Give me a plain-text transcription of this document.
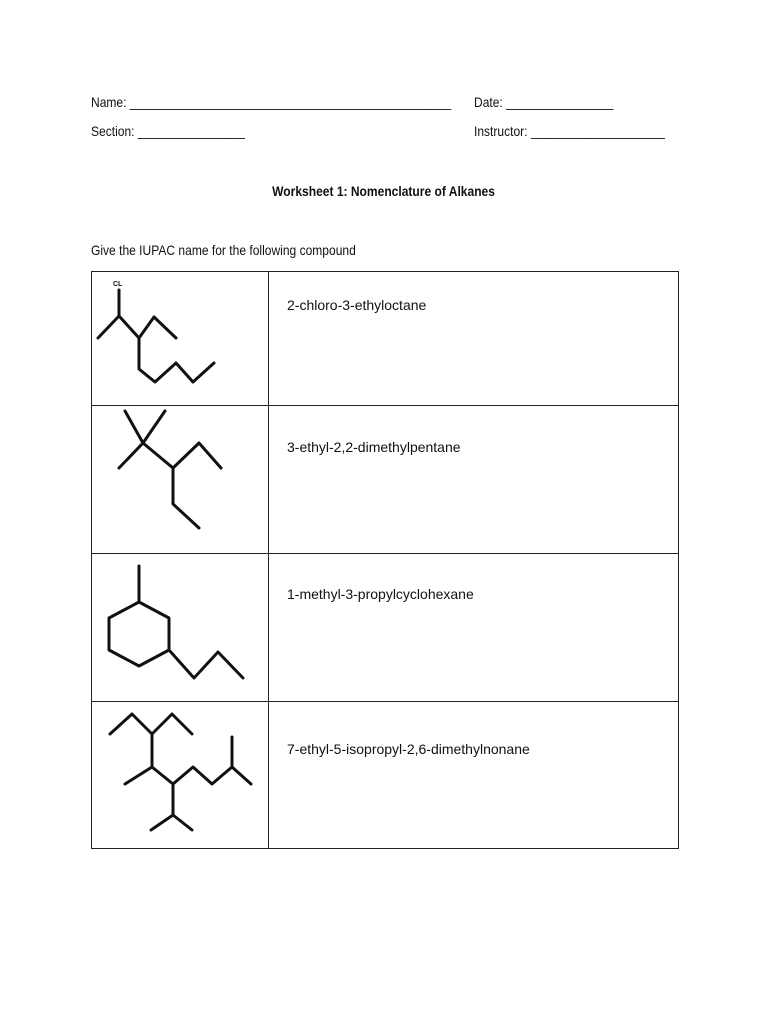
Name: ________________________________________________ Date: ________________
Section: ________________	Instructor: ____________________
Worksheet 1: Nomenclature of Alkanes
Give the IUPAC name for the following compound
CL	2-chloro-3-ethyloctane

3-ethyl-2,2-dimethylpentane

1-methyl-3-propylcyclohexane

7-ethyl-5-isopropyl-2,6-dimethylnonane
